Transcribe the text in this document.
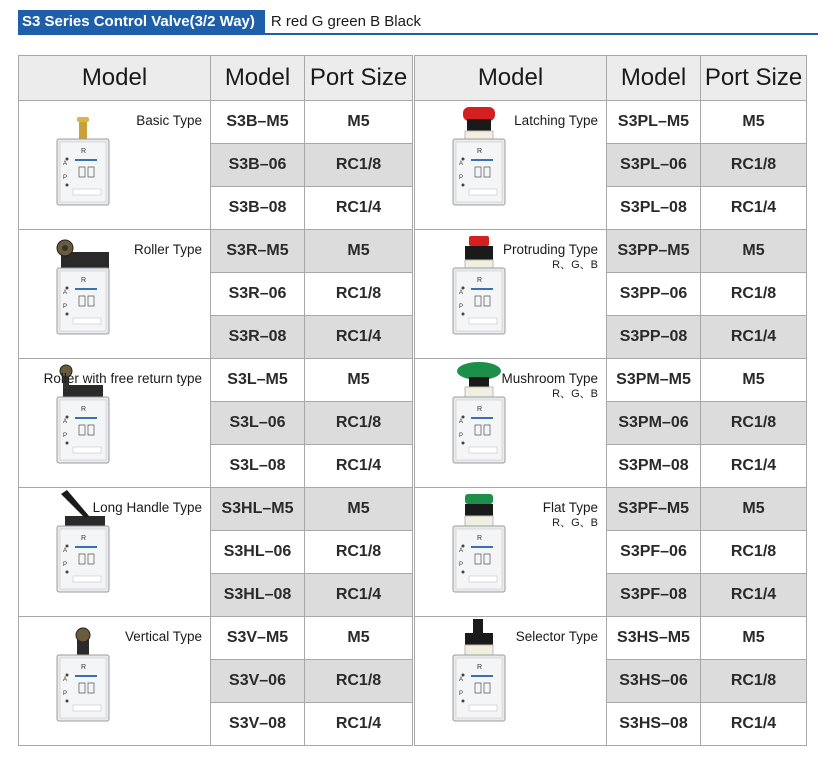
S3 Series Control Valve(3/2 Way)	R red G green B Black
Model	Model	Port Size

R
A
P
Basic Type	S3B–M5	M5
	S3B–06	RC1/8
	S3B–08	RC1/4

R
A
P
Roller Type	S3R–M5	M5
	S3R–06	RC1/8
	S3R–08	RC1/4

R
A
P
Roller with free return type	S3L–M5	M5
	S3L–06	RC1/8
	S3L–08	RC1/4

R
A
P
Long Handle Type	S3HL–M5	M5
	S3HL–06	RC1/8
	S3HL–08	RC1/4

R
A
P
Vertical Type	S3V–M5	M5
	S3V–06	RC1/8
	S3V–08	RC1/4
Model	Model	Port Size

R
A
P
Latching Type	S3PL–M5	M5
	S3PL–06	RC1/8
	S3PL–08	RC1/4

R
A
P
Protruding Type
R、G、B	S3PP–M5	M5
	S3PP–06	RC1/8
	S3PP–08	RC1/4

R
A
P
Mushroom Type
R、G、B	S3PM–M5	M5
	S3PM–06	RC1/8
	S3PM–08	RC1/4

R
A
P
Flat Type
R、G、B	S3PF–M5	M5
	S3PF–06	RC1/8
	S3PF–08	RC1/4

R
A
P
Selector Type	S3HS–M5	M5
	S3HS–06	RC1/8
	S3HS–08	RC1/4
